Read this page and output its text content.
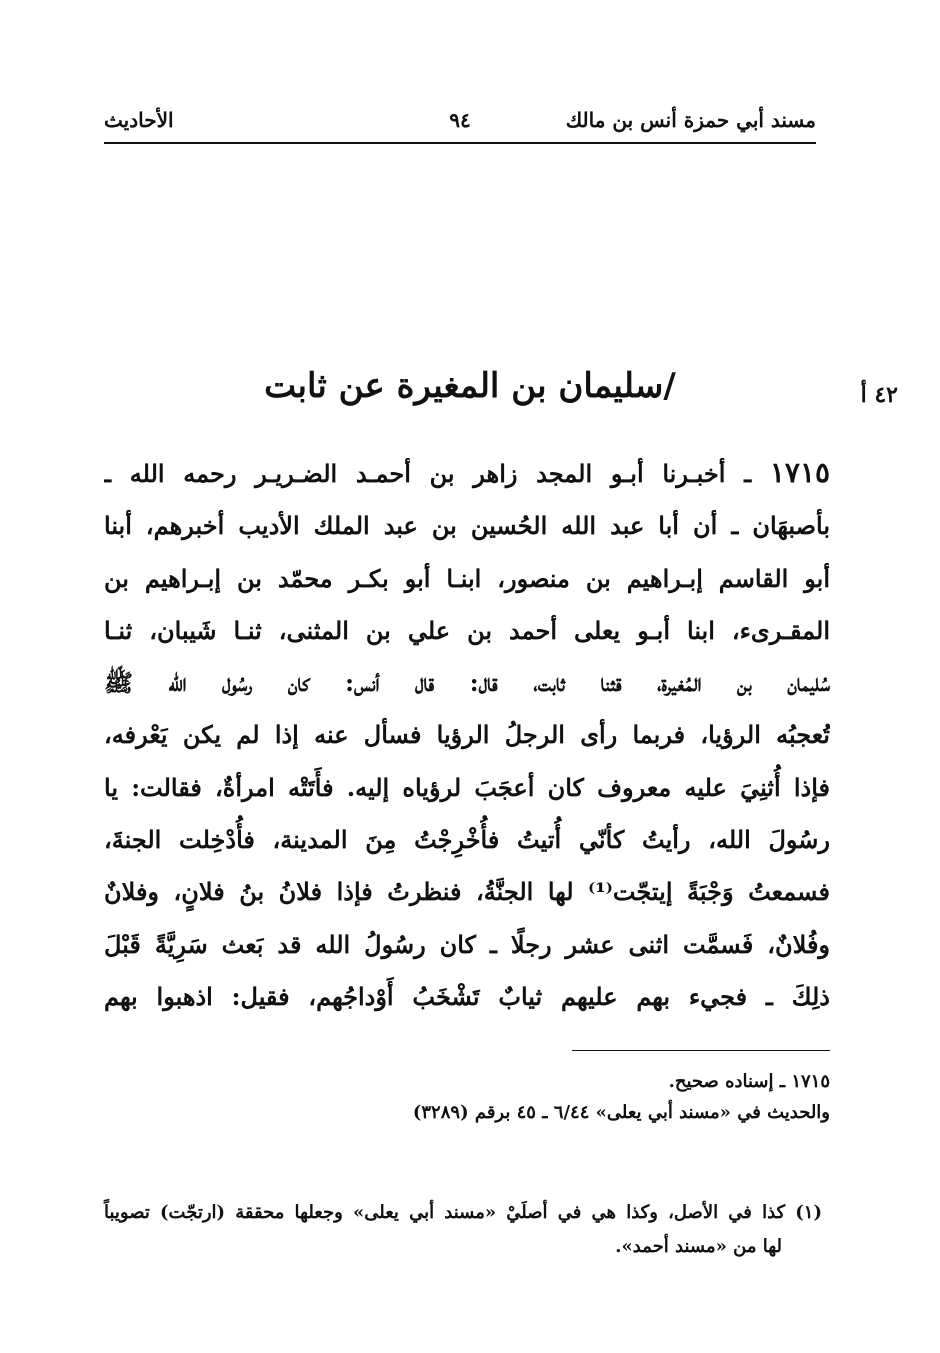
مسند أبي حمزة أنس بن مالك
٩٤
الأحاديث
٤٢ أ
/سليمان بن المغيرة عن ثابت
١٧١٥ ـ أخبـرنا أبـو المجد زاهر بن أحمـد الضـريـر رحمه الله ـ
بأصبهَان ـ أن أبا عبد الله الحُسين بن عبد الملك الأديب أخبرهم، أبنا
أبو القاسم إبـراهيم بن منصور، ابنـا أبو بكـر محمّد بن إبـراهيم بن
المقـرىء، ابنا أبـو يعلى أحمد بن علي بن المثنى، ثنـا شَيبان، ثنـا
سُليمان بن المُغيرة، قثنا ثابت، قال: قال أنس: كان رسُول الله ﷺ
تُعجبُه الرؤيا، فربما رأى الرجلُ الرؤيا فسأل عنه إذا لم يكن يَعْرفه،
فإذا أُثنِيَ عليه معروف كان أعجَبَ لرؤياه إليه. فأَتَتْه امرأةٌ، فقالت: يا
رسُولَ الله، رأيتُ كأنّي أُتيتُ فأُخْرِجْتُ مِنَ المدينة، فأُدْخِلت الجنةَ،
فسمعتُ وَجْبَةً إيتجّت⁽¹⁾ لها الجنَّةُ، فنظرتُ فإذا فلانُ بنُ فلانٍ، وفلانٌ
وفُلانٌ، فَسمَّت اثنى عشر رجلًا ـ كان رسُولُ الله قد بَعث سَرِيَّةً قَبْلَ
ذلِكَ ـ فجيء بهم عليهم ثيابٌ تَشْخَبُ أَوْداجُهم، فقيل: اذهبوا بهم
١٧١٥ ـ إسناده صحيح.
والحديث في «مسند أبي يعلى» ٦/٤٤ ـ ٤٥ برقم (٣٢٨٩)
(١) كذا في الأصل، وكذا هي في أصلَيْ «مسند أبي يعلى» وجعلها محققة (ارتجّت) تصويباً
لها من «مسند أحمد».
